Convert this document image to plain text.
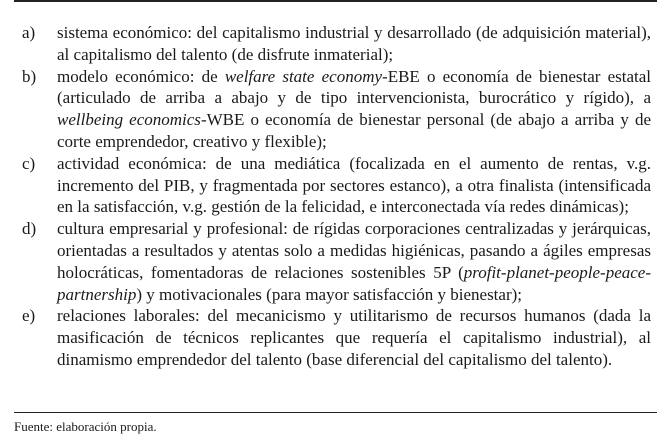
a)	sistema económico: del capitalismo industrial y desarrollado (de adquisición material), al capitalismo del talento (de disfrute inmaterial);
b)	modelo económico: de welfare state economy-EBE o economía de bienestar estatal (articulado de arriba a abajo y de tipo intervencionista, burocrático y rígido), a wellbeing economics-WBE o economía de bienestar personal (de abajo a arriba y de corte emprendedor, creativo y flexible);
c)	actividad económica: de una mediática (focalizada en el aumento de rentas, v.g. incremento del PIB, y fragmentada por sectores estanco), a otra finalista (intensificada en la satisfacción, v.g. gestión de la felicidad, e interconectada vía redes dinámicas);
d)	cultura empresarial y profesional: de rígidas corporaciones centralizadas y jerárquicas, orientadas a resultados y atentas solo a medidas higiénicas, pasando a ágiles empresas holocráticas, fomentadoras de relaciones sostenibles 5P (profit-planet-people-peace-partnership) y motivacionales (para mayor satisfacción y bienestar);
e)	relaciones laborales: del mecanicismo y utilitarismo de recursos humanos (dada la masificación de técnicos replicantes que requería el capitalismo industrial), al dinamismo emprendedor del talento (base diferencial del capitalismo del talento).
Fuente: elaboración propia.
